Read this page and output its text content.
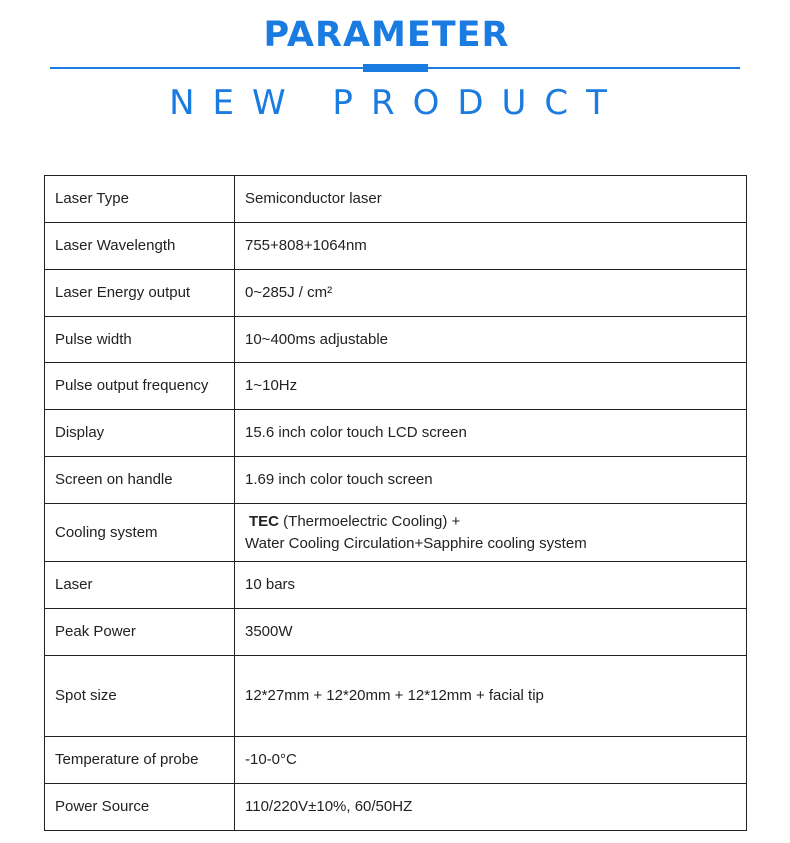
PARAMETER
NEW PRODUCT
Laser Type	Semiconductor laser
Laser Wavelength	755+808+1064nm
Laser Energy output	0~285J / cm²
Pulse width	10~400ms adjustable
Pulse output frequency	1~10Hz
Display	15.6 inch color touch LCD screen
Screen on handle	1.69 inch color touch screen
Cooling system	TEC (Thermoelectric Cooling) +
Water Cooling Circulation+Sapphire cooling system

Laser	10 bars
Peak Power	3500W
Spot size	12*27mm + 12*20mm + 12*12mm + facial tip
Temperature of probe	-10-0°C
Power Source	110/220V±10%, 60/50HZ
